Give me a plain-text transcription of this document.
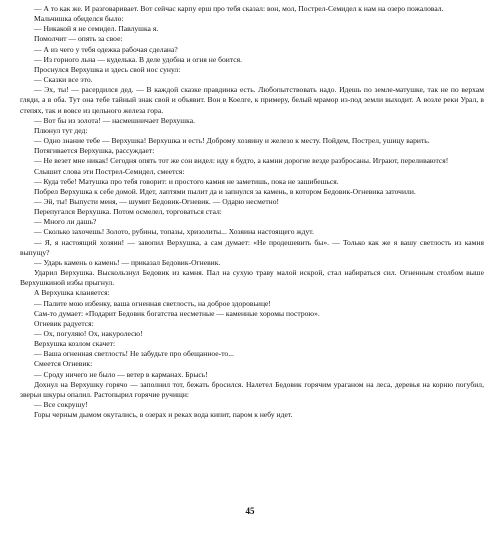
— А то как же. И разговаривает. Вот сейчас карпу ерш про тебя сказал: вон, мол, Пострел-Семидел к нам на озеро пожаловал.

Мальчишка обиделся было:

— Никакой я не семидел. Павлушка я.

Помолчит — опять за свое:

— А из чего у тебя одежка рабочая сделана?

— Из горного льна — куделька. В деле удобна и огня не боится.

Проснулся Верхушка и здесь свой нос сунул:

— Сказки все это.

— Эх, ты! — расердился дед. — В каждой сказке правдинка есть. Любопытствовать надо. Идешь по земле-матушке, так не по верхам гляди, а в оба. Тут она тебе тайный знак свой и объявит. Вон в Коелге, к примеру, белый мрамор из-под земли выходит. А возле реки Урал, в степях, так и вовсе из цельного железа гора.

— Вот бы из золота! — насмешничает Верхушка.

Плюнул тут дед:

— Одно знание тебе — Верхушка! Верхушка и есть! Доброму хозяину и железо к месту. Пойдем, Пострел, ушицу варить.

Потягивается Верхушка, рассуждает:

— Не везет мне никак! Сегодня опять тот же сон видел: иду я будто, а камни дорогие везде разбросаны. Играют, переливаются!

Слышит слова эти Пострел-Семидел, смеется:

— Куда тебе! Матушка про тебя говорит: и простого камня не заметишь, пока не зашибешься.

Побрел Верхушка к себе домой. Идет, лаптями пылит да и запнулся за камень, в котором Бедовик-Огневика заточили.

— Эй, ты! Выпусти меня, — шумит Бедовик-Огневик. — Одарю несметно!

Перепугался Верхушка. Потом осмелел, торговаться стал:

— Много ли дашь?

— Сколько захочешь! Золото, рубины, топазы, хризолиты... Хозяина настоящего ждут.

— Я, я настоящий хозяин! — завопил Верхушка, а сам думает: «Не продешевить бы». — Только как же я вашу светлость из камня выпущу?

— Ударь камень о камень! — приказал Бедовик-Огневик.

Ударил Верхушка. Выскользнул Бедовик из камня. Пал на сухую траву малой искрой, стал набираться сил. Огненным столбом выше Верхушкиной избы прыгнул.

А Верхушка кланяется:

— Палите мою избенку, ваша огненная светлость, на доброе здоровьице!

Сам-то думает: «Подарит Бедовик богатства несметные — каменные хоромы построю».

Огневик радуется:

— Ох, погуляю! Ох, накуролесю!

Верхушка козлом скачет:

— Ваша огненная светлость! Не забудьте про обещанное-то...

Смеется Огневик:

— Сроду ничего не было — ветер в карманах. Брысь!

Дохнул на Верхушку горячо — заполнил тот, бежать бросился. Налетел Бедовик горячим ураганом на леса, деревья на корню погубил, зверьи шкуры опалил. Растопырил горячие ручищи:

— Все сокрушу!

Горы черным дымом окутались, в озерах и реках вода кипит, паром к небу идет.

45
